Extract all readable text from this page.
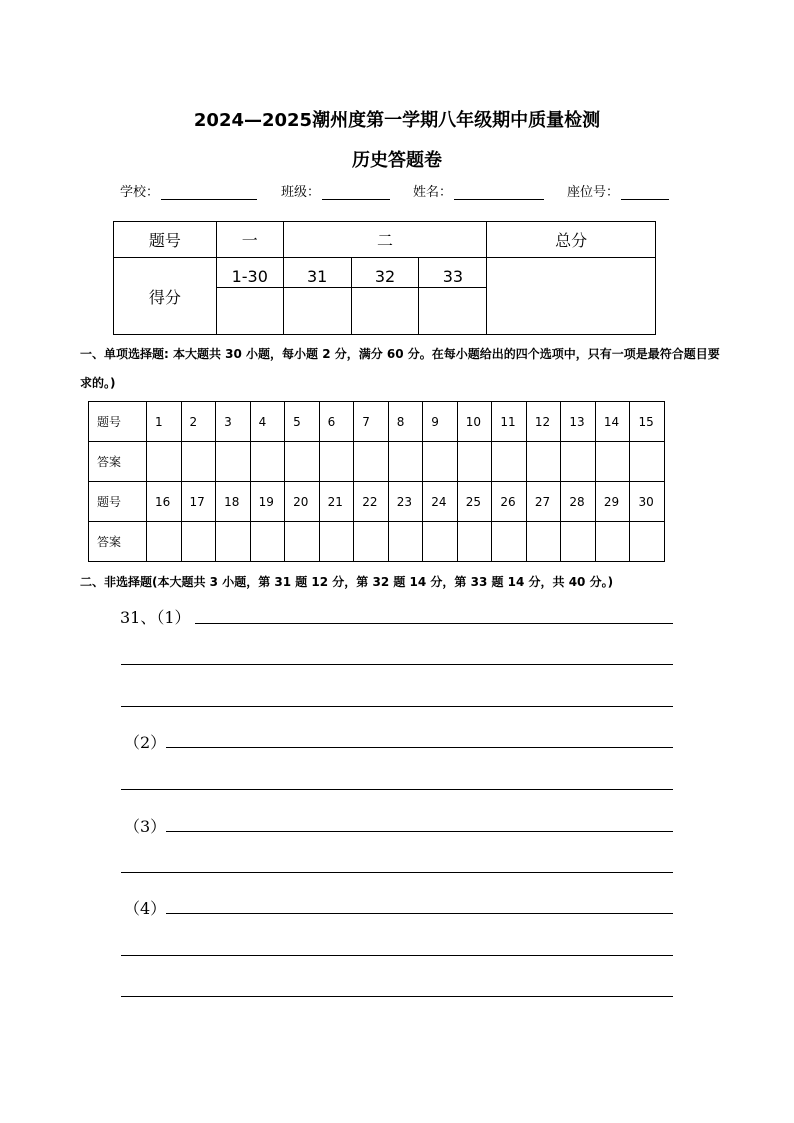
2024—2025潮州度第一学期八年级期中质量检测
历史答题卷
学校：	班级：	姓名：	座位号：
题号	一	二			总分
得分	1-30	31	32	33	

一、单项选择题: 本大题共 30 小题，每小题 2 分，满分 60 分。在每小题给出的四个选项中，只有一项是最符合题目要求的。)
题号	1	2	3	4	5	6	7	8	9	10	11	12	13	14	15
答案															
题号	16	17	18	19	20	21	22	23	24	25	26	27	28	29	30
答案															
二、非选择题(本大题共 3 小题，第 31 题 12 分，第 32 题 14 分，第 33 题 14 分，共 40 分。)
31、（1）
（2）
（3）
（4）
